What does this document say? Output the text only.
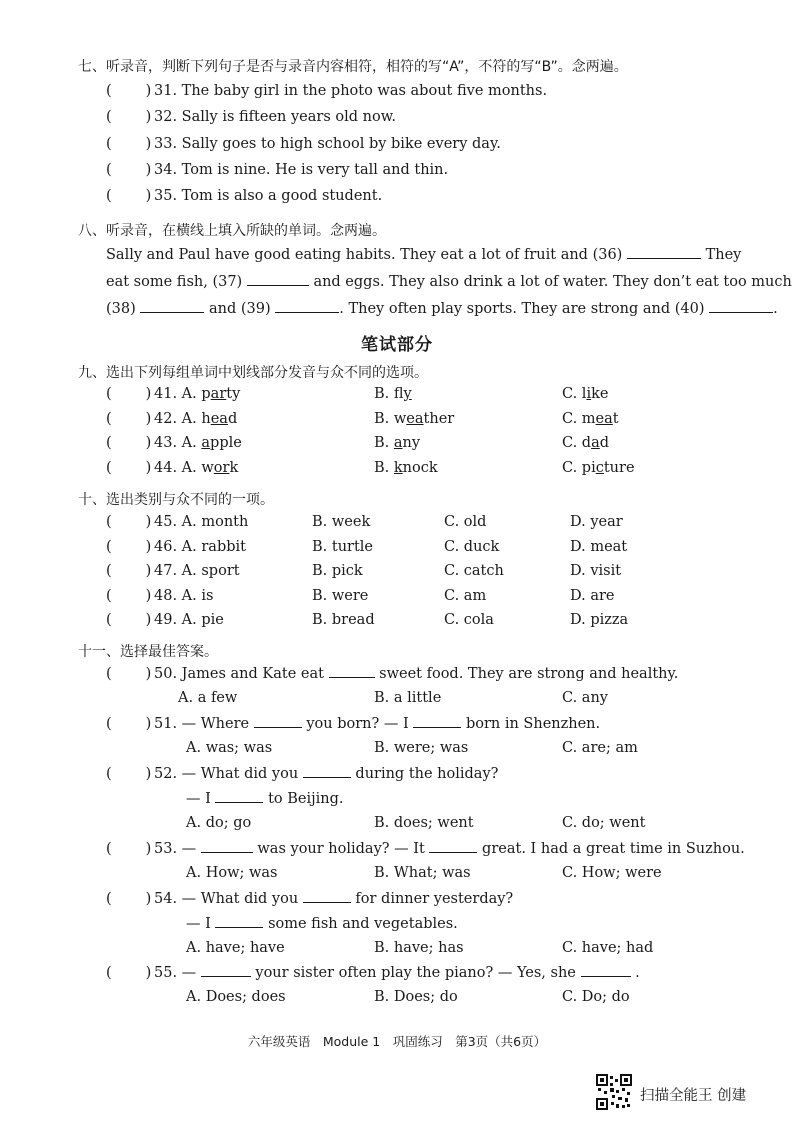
七、听录音，判断下列句子是否与录音内容相符，相符的写“A”，不符的写“B”。念两遍。
( ) 31. The baby girl in the photo was about five months.
( ) 32. Sally is fifteen years old now.
( ) 33. Sally goes to high school by bike every day.
( ) 34. Tom is nine. He is very tall and thin.
( ) 35. Tom is also a good student.
八、听录音，在横线上填入所缺的单词。念两遍。
Sally and Paul have good eating habits. They eat a lot of fruit and (36)	They
eat some fish, (37)	and eggs. They also drink a lot of water. They don’t eat too much
(38)	and (39)	. They often play sports. They are strong and (40)	.
笔试部分
九、选出下列每组单词中划线部分发音与众不同的选项。
( ) 41. A. party	B. fly	C. like
( ) 42. A. head	B. weather	C. meat
( ) 43. A. apple	B. any	C. dad
( ) 44. A. work	B. knock	C. picture
十、选出类别与众不同的一项。
( ) 45. A. month	B. week	C. old	D. year
( ) 46. A. rabbit	B. turtle	C. duck	D. meat
( ) 47. A. sport	B. pick	C. catch	D. visit
( ) 48. A. is	B. were	C. am	D. are
( ) 49. A. pie	B. bread	C. cola	D. pizza
十一、选择最佳答案。
( ) 50. James and Kate eat	sweet food. They are strong and healthy.
A. a few	B. a little	C. any
( ) 51. — Where	you born? — I	born in Shenzhen.
A. was; was	B. were; was	C. are; am
( ) 52. — What did you	during the holiday?
— I	to Beijing.
A. do; go	B. does; went	C. do; went
( ) 53. —	was your holiday? — It	great. I had a great time in Suzhou.
A. How; was	B. What; was	C. How; were
( ) 54. — What did you	for dinner yesterday?
— I	some fish and vegetables.
A. have; have	B. have; has	C. have; had
( ) 55. —	your sister often play the piano? — Yes, she	.
A. Does; does	B. Does; do	C. Do; do
六年级英语　Module 1　巩固练习　第3页（共6页）
扫描全能王 创建
